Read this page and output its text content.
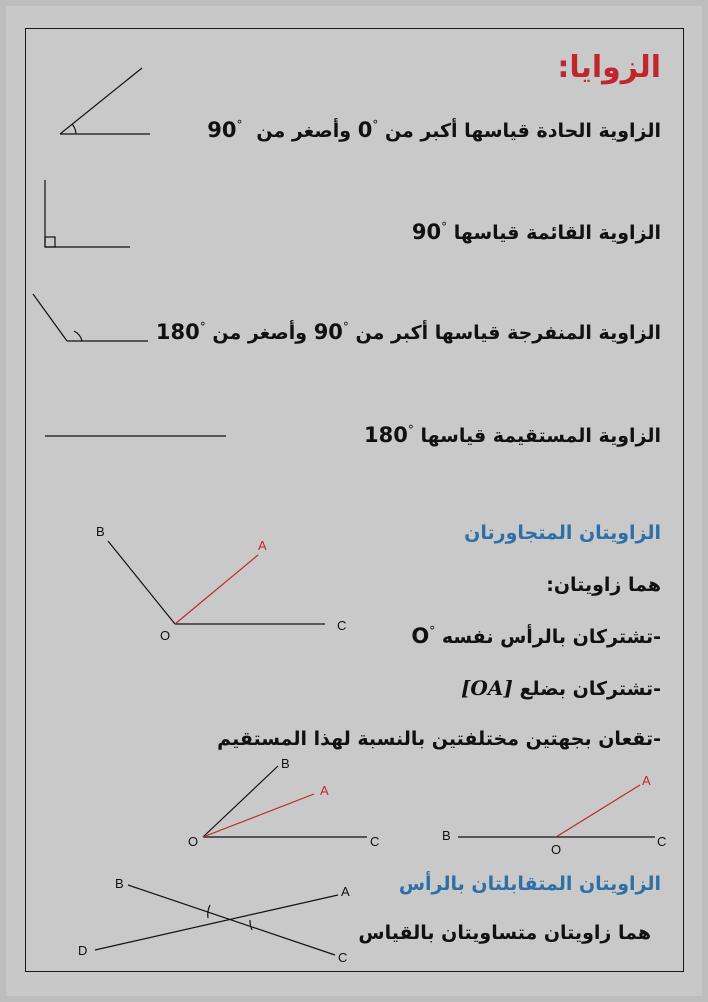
الزوايا:
الزاوية الحادة قياسها أكبر من °0 وأصغر من  °90
الزاوية القائمة قياسها °90
الزاوية المنفرجة قياسها أكبر من °90 وأصغر من °180
الزاوية المستقيمة قياسها °180
الزاويتان المتجاورتان
هما زاويتان:
-تشتركان بالرأس نفسه °O
-تشتركان بضلع [OA]
-تقعان بجهتين مختلفتين بالنسبة لهذا المستقيم
الزاويتان المتقابلتان بالرأس
هما زاويتان متساويتان بالقياس
B
A
O
C
B
A
O	C	B
A
O
C
B
A
D	C
